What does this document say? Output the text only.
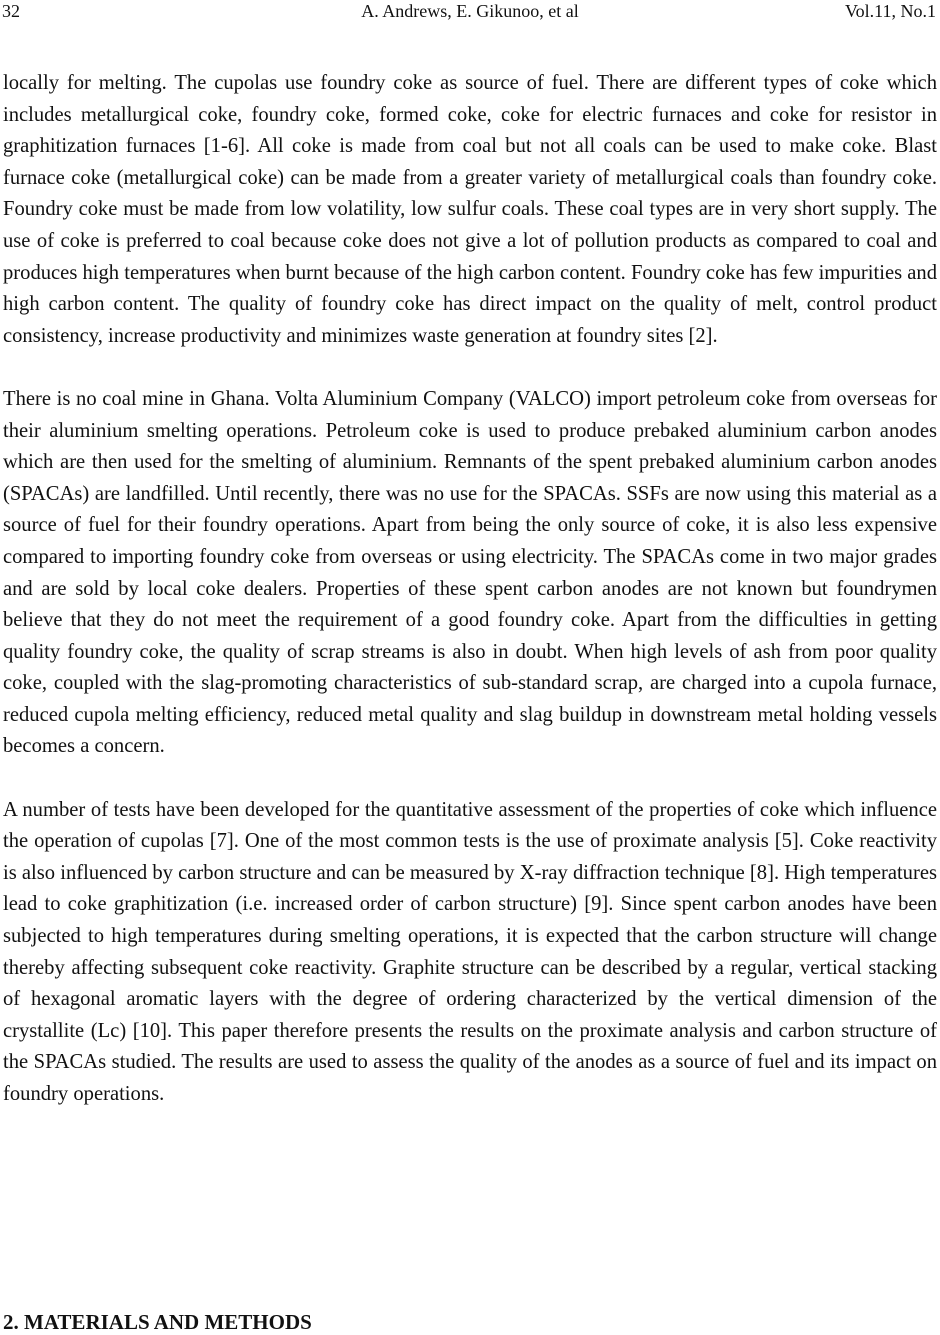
32	A. Andrews, E. Gikunoo, et al	Vol.11, No.1

locally for melting. The cupolas use foundry coke as source of fuel. There are different types of coke which includes metallurgical coke, foundry coke, formed coke, coke for electric furnaces and coke for resistor in graphitization furnaces [1-6]. All coke is made from coal but not all coals can be used to make coke. Blast furnace coke (metallurgical coke) can be made from a greater variety of metallurgical coals than foundry coke. Foundry coke must be made from low volatility, low sulfur coals. These coal types are in very short supply. The use of coke is preferred to coal because coke does not give a lot of pollution products as compared to coal and produces high temperatures when burnt because of the high carbon content. Foundry coke has few impurities and high carbon content. The quality of foundry coke has direct impact on the quality of melt, control product consistency, increase productivity and minimizes waste generation at foundry sites [2].

There is no coal mine in Ghana. Volta Aluminium Company (VALCO) import petroleum coke from overseas for their aluminium smelting operations. Petroleum coke is used to produce prebaked aluminium carbon anodes which are then used for the smelting of aluminium. Remnants of the spent prebaked aluminium carbon anodes (SPACAs) are landfilled. Until recently, there was no use for the SPACAs. SSFs are now using this material as a source of fuel for their foundry operations. Apart from being the only source of coke, it is also less expensive compared to importing foundry coke from overseas or using electricity. The SPACAs come in two major grades and are sold by local coke dealers. Properties of these spent carbon anodes are not known but foundrymen believe that they do not meet the requirement of a good foundry coke. Apart from the difficulties in getting quality foundry coke, the quality of scrap streams is also in doubt. When high levels of ash from poor quality coke, coupled with the slag-promoting characteristics of sub-standard scrap, are charged into a cupola furnace, reduced cupola melting efficiency, reduced metal quality and slag buildup in downstream metal holding vessels becomes a concern.

A number of tests have been developed for the quantitative assessment of the properties of coke which influence the operation of cupolas [7]. One of the most common tests is the use of proximate analysis [5]. Coke reactivity is also influenced by carbon structure and can be measured by X-ray diffraction technique [8]. High temperatures lead to coke graphitization (i.e. increased order of carbon structure) [9]. Since spent carbon anodes have been subjected to high temperatures during smelting operations, it is expected that the carbon structure will change thereby affecting subsequent coke reactivity. Graphite structure can be described by a regular, vertical stacking of hexagonal aromatic layers with the degree of ordering characterized by the vertical dimension of the crystallite (Lc) [10]. This paper therefore presents the results on the proximate analysis and carbon structure of the SPACAs studied. The results are used to assess the quality of the anodes as a source of fuel and its impact on foundry operations.

2. MATERIALS AND METHODS
